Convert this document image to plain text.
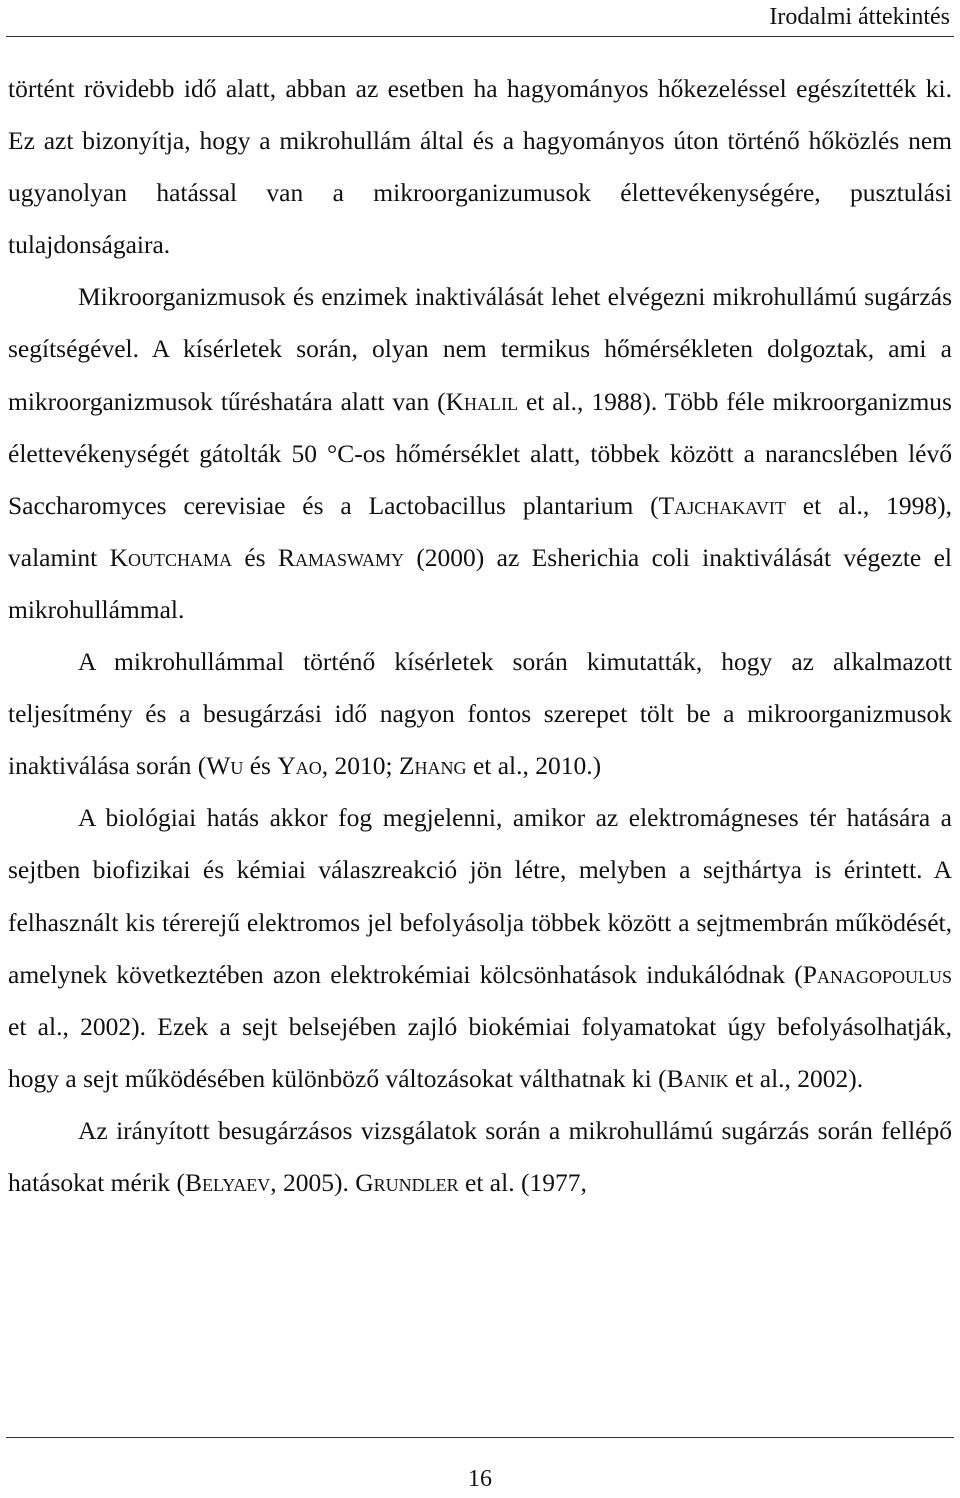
Irodalmi áttekintés

történt rövidebb idő alatt, abban az esetben ha hagyományos hőkezeléssel egészítették ki. Ez azt bizonyítja, hogy a mikrohullám által és a hagyományos úton történő hőközlés nem ugyanolyan hatással van a mikroorganizumusok élettevékenységére, pusztulási tulajdonságaira.

Mikroorganizmusok és enzimek inaktiválását lehet elvégezni mikrohullámú sugárzás segítségével. A kísérletek során, olyan nem termikus hőmérsékleten dolgoztak, ami a mikroorganizmusok tűréshatára alatt van (Khalil et al., 1988). Több féle mikroorganizmus élettevékenységét gátolták 50 °C-os hőmérséklet alatt, többek között a narancslében lévő Saccharomyces cerevisiae és a Lactobacillus plantarium (Tajchakavit et al., 1998), valamint Koutchama és Ramaswamy (2000) az Esherichia coli inaktiválását végezte el mikrohullámmal.

A mikrohullámmal történő kísérletek során kimutatták, hogy az alkalmazott teljesítmény és a besugárzási idő nagyon fontos szerepet tölt be a mikroorganizmusok inaktiválása során (Wu és Yao, 2010; Zhang et al., 2010.)

A biológiai hatás akkor fog megjelenni, amikor az elektromágneses tér hatására a sejtben biofizikai és kémiai válaszreakció jön létre, melyben a sejthártya is érintett. A felhasznált kis térerejű elektromos jel befolyásolja többek között a sejtmembrán működését, amelynek következtében azon elektrokémiai kölcsönhatások indukálódnak (Panagopoulus et al., 2002). Ezek a sejt belsejében zajló biokémiai folyamatokat úgy befolyásolhatják, hogy a sejt működésében különböző változásokat válthatnak ki (Banik et al., 2002).

Az irányított besugárzásos vizsgálatok során a mikrohullámú sugárzás során fellépő hatásokat mérik (Belyaev, 2005). Grundler et al. (1977,

16
